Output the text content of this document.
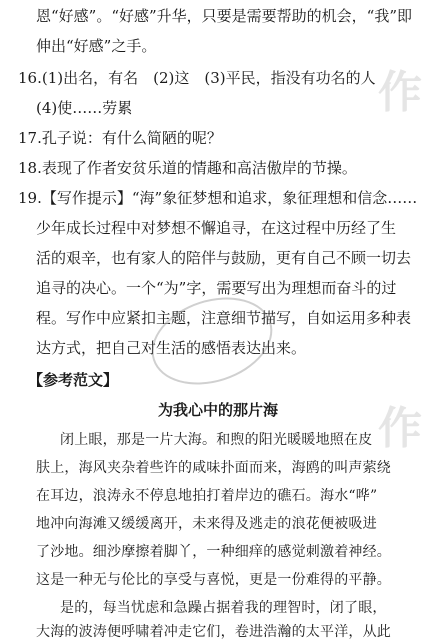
恩“好感”。“好感”升华，只要是需要帮助的机会，“我”即
伸出“好感”之手。
16.(1)出名，有名　(2)这　(3)平民，指没有功名的人
(4)使……劳累
17.孔子说：有什么简陋的呢？
18.表现了作者安贫乐道的情趣和高洁傲岸的节操。
19.【写作提示】“海”象征梦想和追求，象征理想和信念……
少年成长过程中对梦想不懈追寻，在这过程中历经了生
活的艰辛，也有家人的陪伴与鼓励，更有自己不顾一切去
追寻的决心。一个“为”字，需要写出为理想而奋斗的过
程。写作中应紧扣主题，注意细节描写，自如运用多种表
达方式，把自己对生活的感悟表达出来。
【参考范文】
为我心中的那片海
闭上眼，那是一片大海。和煦的阳光暖暖地照在皮
肤上，海风夹杂着些许的咸味扑面而来，海鸥的叫声萦绕
在耳边，浪涛永不停息地拍打着岸边的礁石。海水“哗”
地冲向海滩又缓缓离开，未来得及逃走的浪花便被吸进
了沙地。细沙摩擦着脚丫，一种细痒的感觉刺激着神经。
这是一种无与伦比的享受与喜悦，更是一份难得的平静。
是的，每当忧虑和急躁占据着我的理智时，闭了眼，
大海的波涛便呼啸着冲走它们，卷进浩瀚的太平洋，从此
作
作
